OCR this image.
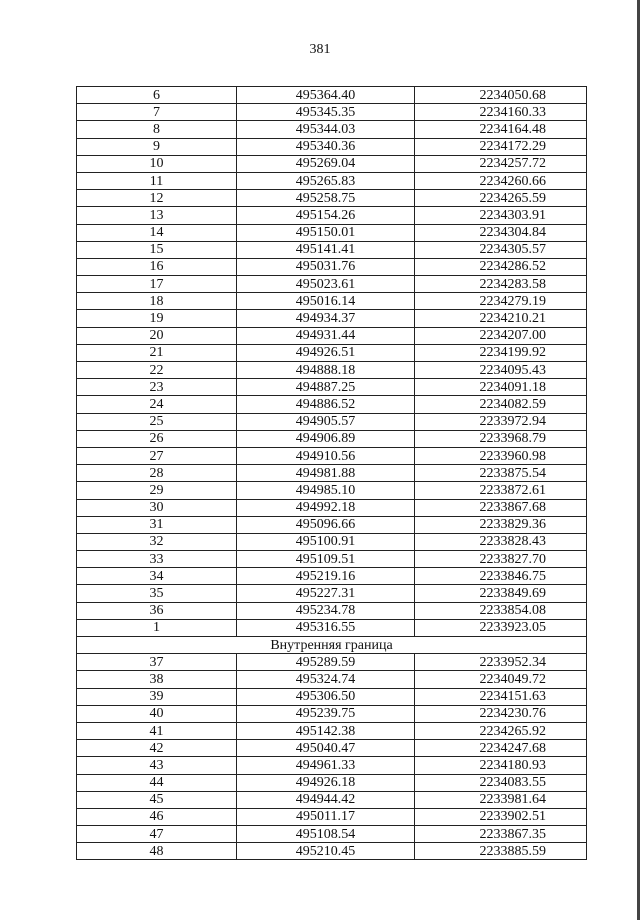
381
6	495364.40	2234050.68
7	495345.35	2234160.33
8	495344.03	2234164.48
9	495340.36	2234172.29
10	495269.04	2234257.72
11	495265.83	2234260.66
12	495258.75	2234265.59
13	495154.26	2234303.91
14	495150.01	2234304.84
15	495141.41	2234305.57
16	495031.76	2234286.52
17	495023.61	2234283.58
18	495016.14	2234279.19
19	494934.37	2234210.21
20	494931.44	2234207.00
21	494926.51	2234199.92
22	494888.18	2234095.43
23	494887.25	2234091.18
24	494886.52	2234082.59
25	494905.57	2233972.94
26	494906.89	2233968.79
27	494910.56	2233960.98
28	494981.88	2233875.54
29	494985.10	2233872.61
30	494992.18	2233867.68
31	495096.66	2233829.36
32	495100.91	2233828.43
33	495109.51	2233827.70
34	495219.16	2233846.75
35	495227.31	2233849.69
36	495234.78	2233854.08
1	495316.55	2233923.05
Внутренняя граница		
37	495289.59	2233952.34
38	495324.74	2234049.72
39	495306.50	2234151.63
40	495239.75	2234230.76
41	495142.38	2234265.92
42	495040.47	2234247.68
43	494961.33	2234180.93
44	494926.18	2234083.55
45	494944.42	2233981.64
46	495011.17	2233902.51
47	495108.54	2233867.35
48	495210.45	2233885.59
